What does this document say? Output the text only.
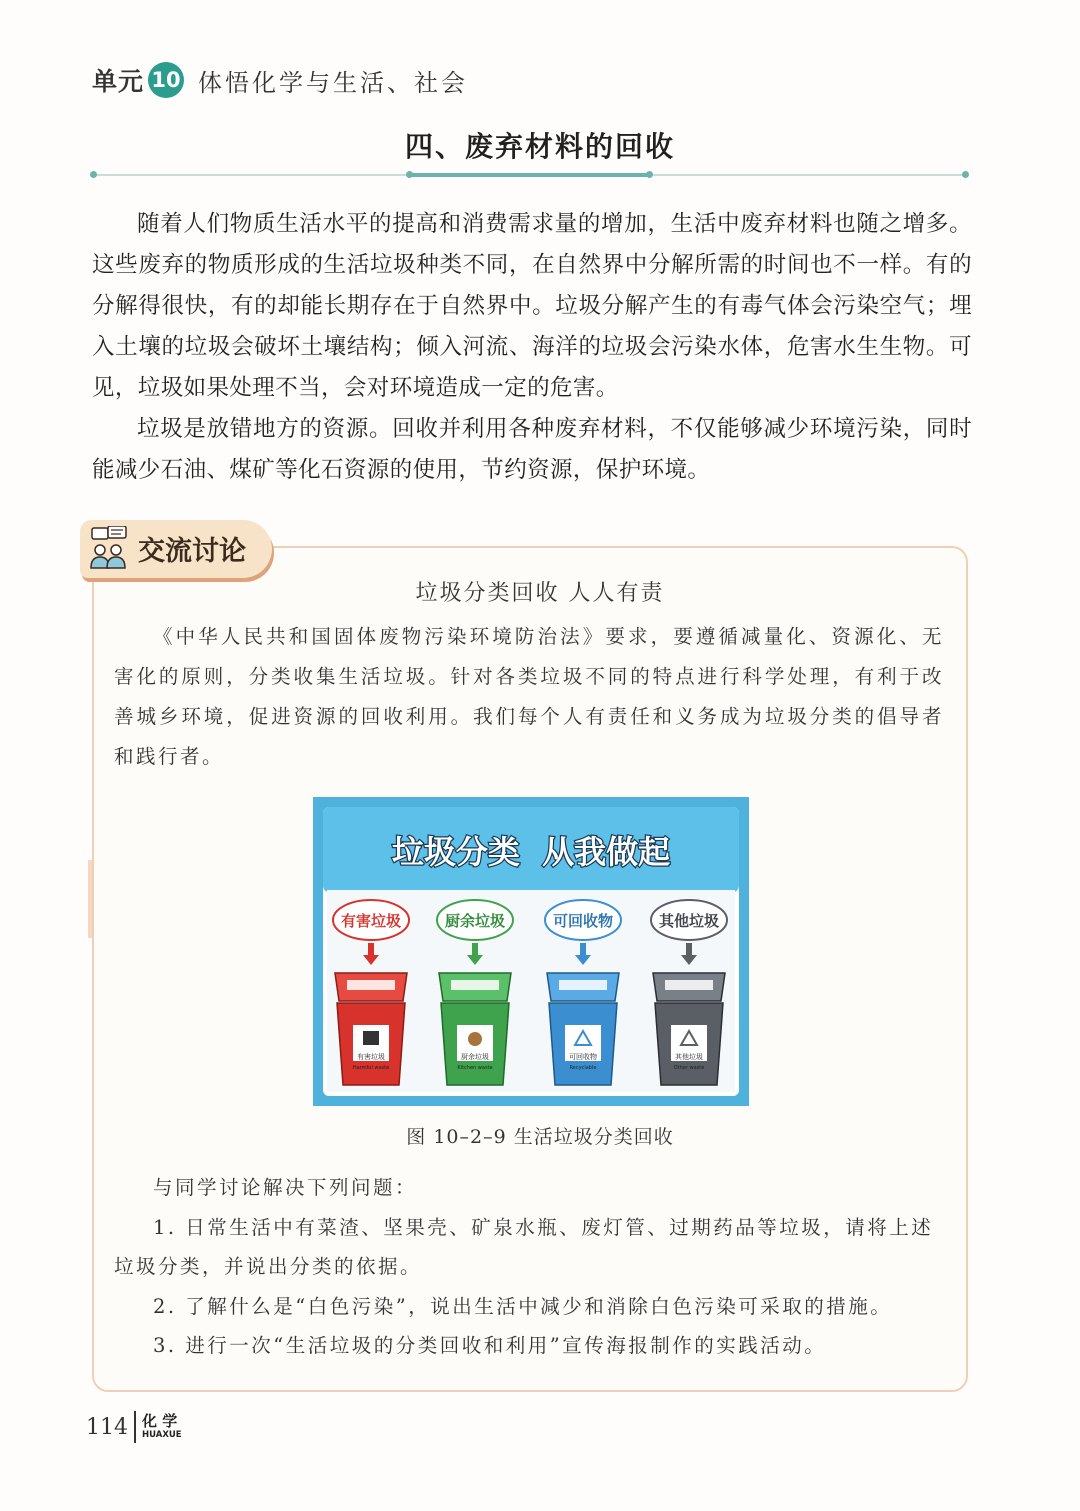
单元 10 体悟化学与生活、社会
四、废弃材料的回收

随着人们物质生活水平的提高和消费需求量的增加，生活中废弃材料也随之增多。这些废弃的物质形成的生活垃圾种类不同，在自然界中分解所需的时间也不一样。有的分解得很快，有的却能长期存在于自然界中。垃圾分解产生的有毒气体会污染空气；埋入土壤的垃圾会破坏土壤结构；倾入河流、海洋的垃圾会污染水体，危害水生生物。可见，垃圾如果处理不当，会对环境造成一定的危害。

垃圾是放错地方的资源。回收并利用各种废弃材料，不仅能够减少环境污染，同时能减少石油、煤矿等化石资源的使用，节约资源，保护环境。

交流讨论
垃圾分类回收 人人有责

《中华人民共和国固体废物污染环境防治法》要求，要遵循减量化、资源化、无害化的原则，分类收集生活垃圾。针对各类垃圾不同的特点进行科学处理，有利于改善城乡环境，促进资源的回收利用。我们每个人有责任和义务成为垃圾分类的倡导者和践行者。

垃圾分类  从我做起
有害垃圾
有害垃圾
Harmful waste
厨余垃圾
厨余垃圾
Kitchen waste
可回收物
可回收物
Recyclable
其他垃圾
其他垃圾
Other waste
图 10–2–9 生活垃圾分类回收

与同学讨论解决下列问题：

1. 日常生活中有菜渣、坚果壳、矿泉水瓶、废灯管、过期药品等垃圾，请将上述垃圾分类，并说出分类的依据。

2. 了解什么是“白色污染”，说出生活中减少和消除白色污染可采取的措施。

3. 进行一次“生活垃圾的分类回收和利用”宣传海报制作的实践活动。

114 化 学
HUAXUE
